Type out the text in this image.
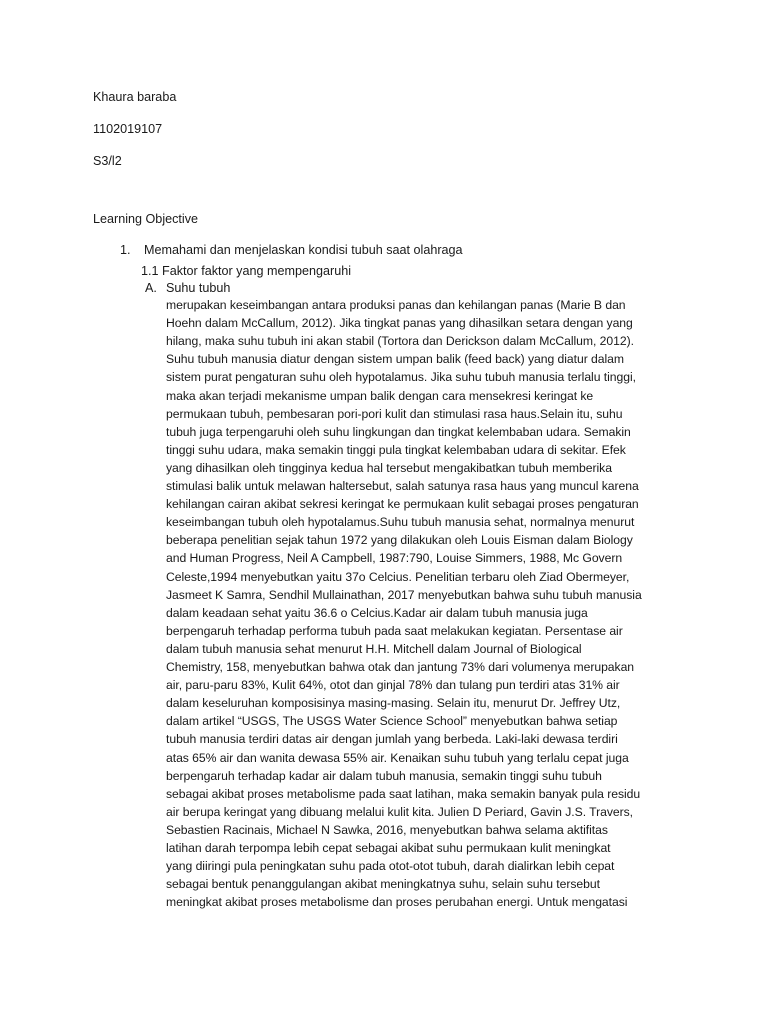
Khaura baraba
1102019107
S3/l2
Learning Objective
1. Memahami dan menjelaskan kondisi tubuh saat olahraga
1.1 Faktor faktor yang mempengaruhi
A. Suhu tubuh
merupakan keseimbangan antara produksi panas dan kehilangan panas (Marie B dan
Hoehn dalam McCallum, 2012). Jika tingkat panas yang dihasilkan setara dengan yang
hilang, maka suhu tubuh ini akan stabil (Tortora dan Derickson dalam McCallum, 2012).
Suhu tubuh manusia diatur dengan sistem umpan balik (feed back) yang diatur dalam
sistem purat pengaturan suhu oleh hypotalamus. Jika suhu tubuh manusia terlalu tinggi,
maka akan terjadi mekanisme umpan balik dengan cara mensekresi keringat ke
permukaan tubuh, pembesaran pori-pori kulit dan stimulasi rasa haus.Selain itu, suhu
tubuh juga terpengaruhi oleh suhu lingkungan dan tingkat kelembaban udara. Semakin
tinggi suhu udara, maka semakin tinggi pula tingkat kelembaban udara di sekitar. Efek
yang dihasilkan oleh tingginya kedua hal tersebut mengakibatkan tubuh memberika
stimulasi balik untuk melawan haltersebut, salah satunya rasa haus yang muncul karena
kehilangan cairan akibat sekresi keringat ke permukaan kulit sebagai proses pengaturan
keseimbangan tubuh oleh hypotalamus.Suhu tubuh manusia sehat, normalnya menurut
beberapa penelitian sejak tahun 1972 yang dilakukan oleh Louis Eisman dalam Biology
and Human Progress, Neil A Campbell, 1987:790, Louise Simmers, 1988, Mc Govern
Celeste,1994 menyebutkan yaitu 37o Celcius. Penelitian terbaru oleh Ziad Obermeyer,
Jasmeet K Samra, Sendhil Mullainathan, 2017 menyebutkan bahwa suhu tubuh manusia
dalam keadaan sehat yaitu 36.6 o Celcius.Kadar air dalam tubuh manusia juga
berpengaruh terhadap performa tubuh pada saat melakukan kegiatan. Persentase air
dalam tubuh manusia sehat menurut H.H. Mitchell dalam Journal of Biological
Chemistry, 158, menyebutkan bahwa otak dan jantung 73% dari volumenya merupakan
air, paru-paru 83%, Kulit 64%, otot dan ginjal 78% dan tulang pun terdiri atas 31% air
dalam keseluruhan komposisinya masing-masing. Selain itu, menurut Dr. Jeffrey Utz,
dalam artikel “USGS, The USGS Water Science School” menyebutkan bahwa setiap
tubuh manusia terdiri datas air dengan jumlah yang berbeda. Laki-laki dewasa terdiri
atas 65% air dan wanita dewasa 55% air. Kenaikan suhu tubuh yang terlalu cepat juga
berpengaruh terhadap kadar air dalam tubuh manusia, semakin tinggi suhu tubuh
sebagai akibat proses metabolisme pada saat latihan, maka semakin banyak pula residu
air berupa keringat yang dibuang melalui kulit kita. Julien D Periard, Gavin J.S. Travers,
Sebastien Racinais, Michael N Sawka, 2016, menyebutkan bahwa selama aktifitas
latihan darah terpompa lebih cepat sebagai akibat suhu permukaan kulit meningkat
yang diiringi pula peningkatan suhu pada otot-otot tubuh, darah dialirkan lebih cepat
sebagai bentuk penanggulangan akibat meningkatnya suhu, selain suhu tersebut
meningkat akibat proses metabolisme dan proses perubahan energi. Untuk mengatasi
